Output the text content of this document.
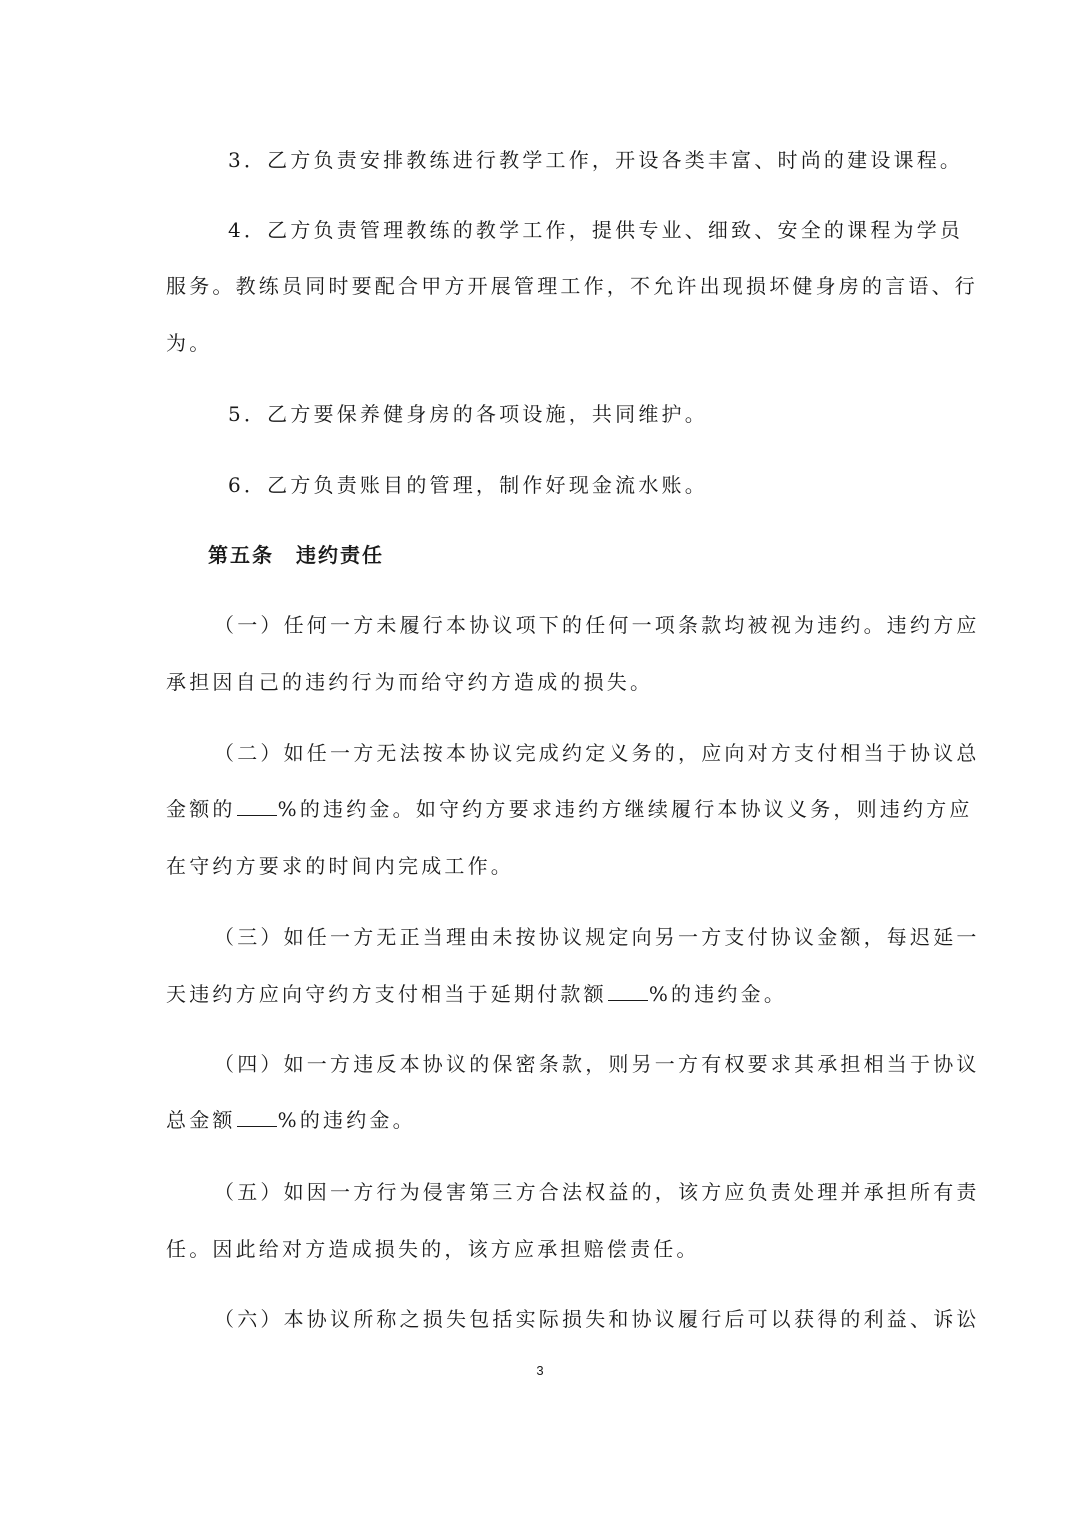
3．乙方负责安排教练进行教学工作，开设各类丰富、时尚的建设课程。

4．乙方负责管理教练的教学工作，提供专业、细致、安全的课程为学员

服务。教练员同时要配合甲方开展管理工作，不允许出现损坏健身房的言语、行

为。

5．乙方要保养健身房的各项设施，共同维护。

6．乙方负责账目的管理，制作好现金流水账。

第五条 违约责任

（一）任何一方未履行本协议项下的任何一项条款均被视为违约。违约方应

承担因自己的违约行为而给守约方造成的损失。

（二）如任一方无法按本协议完成约定义务的，应向对方支付相当于协议总

金额的 %的违约金。如守约方要求违约方继续履行本协议义务，则违约方应

在守约方要求的时间内完成工作。

（三）如任一方无正当理由未按协议规定向另一方支付协议金额，每迟延一

天违约方应向守约方支付相当于延期付款额 %的违约金。

（四）如一方违反本协议的保密条款，则另一方有权要求其承担相当于协议

总金额 %的违约金。

（五）如因一方行为侵害第三方合法权益的，该方应负责处理并承担所有责

任。因此给对方造成损失的，该方应承担赔偿责任。

（六）本协议所称之损失包括实际损失和协议履行后可以获得的利益、诉讼

3
